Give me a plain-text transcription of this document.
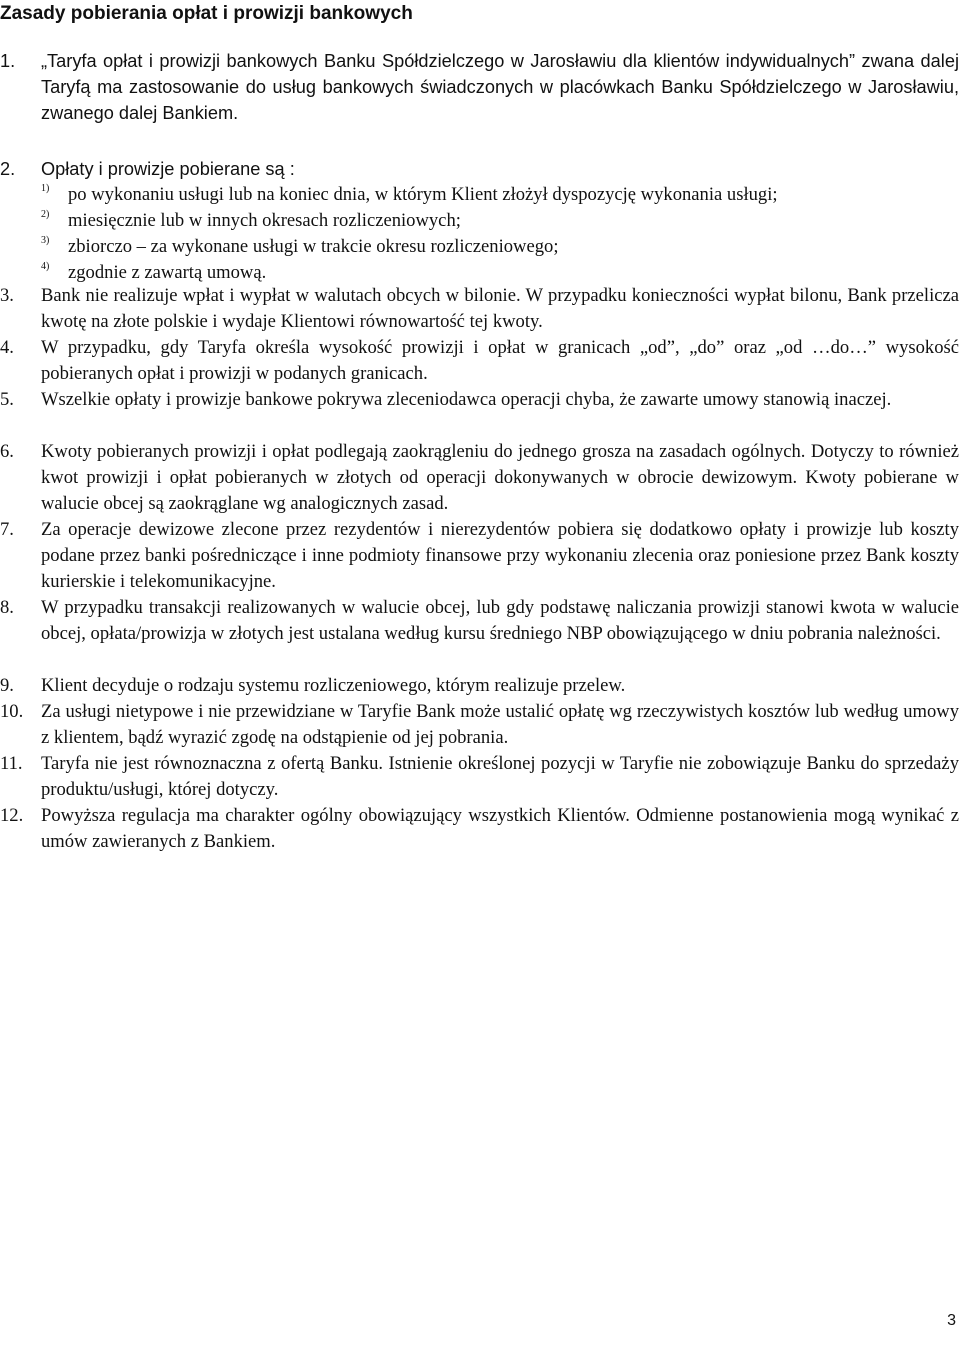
Zasady pobierania opłat i prowizji bankowych
1. „Taryfa opłat i prowizji bankowych Banku Spółdzielczego w Jarosławiu dla klientów indywidualnych” zwana dalej Taryfą ma zastosowanie do usług bankowych świadczonych w placówkach Banku Spółdzielczego w Jarosławiu, zwanego dalej Bankiem.
2. Opłaty i prowizje pobierane są :
1) po wykonaniu usługi lub na koniec dnia, w którym Klient złożył dyspozycję wykonania usługi;
2) miesięcznie lub w innych okresach rozliczeniowych;
3) zbiorczo – za wykonane usługi w trakcie okresu rozliczeniowego;
4) zgodnie z zawartą umową.
3. Bank nie realizuje wpłat i wypłat w walutach obcych w bilonie. W przypadku konieczności wypłat bilonu, Bank przelicza kwotę na złote polskie i wydaje Klientowi równowartość tej kwoty.
4. W przypadku, gdy Taryfa określa wysokość prowizji i opłat w granicach „od”, „do” oraz „od …do…” wysokość pobieranych opłat i prowizji w podanych granicach.
5. Wszelkie opłaty i prowizje bankowe pokrywa zleceniodawca operacji chyba, że zawarte umowy stanowią inaczej.
6. Kwoty pobieranych prowizji i opłat podlegają zaokrągleniu do jednego grosza na zasadach ogólnych. Dotyczy to również kwot prowizji i opłat pobieranych w złotych od operacji dokonywanych w obrocie dewizowym. Kwoty pobierane w walucie obcej są zaokrąglane wg analogicznych zasad.
7. Za operacje dewizowe zlecone przez rezydentów i nierezydentów pobiera się dodatkowo opłaty i prowizje lub koszty podane przez banki pośredniczące i inne podmioty finansowe przy wykonaniu zlecenia oraz poniesione przez Bank koszty kurierskie i telekomunikacyjne.
8. W przypadku transakcji realizowanych w walucie obcej, lub gdy podstawę naliczania prowizji stanowi kwota w walucie obcej, opłata/prowizja w złotych jest ustalana według kursu średniego NBP obowiązującego w dniu pobrania należności.
9. Klient decyduje o rodzaju systemu rozliczeniowego, którym realizuje przelew.
10. Za usługi nietypowe i nie przewidziane w Taryfie Bank może ustalić opłatę wg rzeczywistych kosztów lub według umowy z klientem, bądź wyrazić zgodę na odstąpienie od jej pobrania.
11. Taryfa nie jest równoznaczna z ofertą Banku. Istnienie określonej pozycji w Taryfie nie zobowiązuje Banku do sprzedaży produktu/usługi, której dotyczy.
12. Powyższa regulacja ma charakter ogólny obowiązujący wszystkich Klientów. Odmienne postanowienia mogą wynikać z umów zawieranych z Bankiem.
3
